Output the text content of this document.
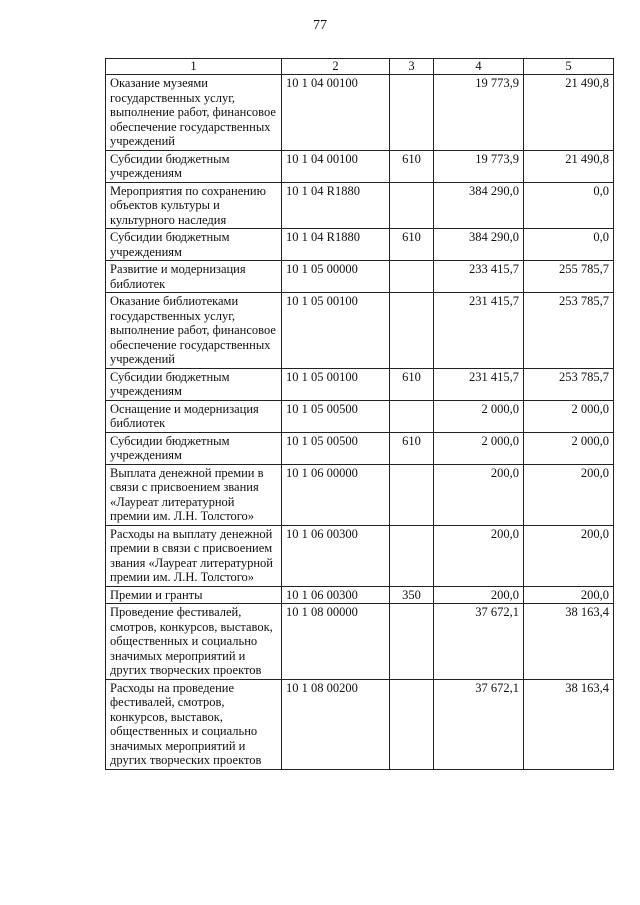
77
1	2	3	4	5
Оказание музеями государственных услуг, выполнение работ, финансовое обеспечение государственных учреждений	10 1 04 00100		19 773,9	21 490,8
Субсидии бюджетным учреждениям	10 1 04 00100	610	19 773,9	21 490,8
Мероприятия по сохранению объектов культуры и культурного наследия	10 1 04 R1880		384 290,0	0,0
Субсидии бюджетным учреждениям	10 1 04 R1880	610	384 290,0	0,0
Развитие и модернизация библиотек	10 1 05 00000		233 415,7	255 785,7
Оказание библиотеками государственных услуг, выполнение работ, финансовое обеспечение государственных учреждений	10 1 05 00100		231 415,7	253 785,7
Субсидии бюджетным учреждениям	10 1 05 00100	610	231 415,7	253 785,7
Оснащение и модернизация библиотек	10 1 05 00500		2 000,0	2 000,0
Субсидии бюджетным учреждениям	10 1 05 00500	610	2 000,0	2 000,0
Выплата денежной премии в связи с присвоением звания «Лауреат литературной премии им. Л.Н. Толстого»	10 1 06 00000		200,0	200,0
Расходы на выплату денежной премии в связи с присвоением звания «Лауреат литературной премии им. Л.Н. Толстого»	10 1 06 00300		200,0	200,0
Премии и гранты	10 1 06 00300	350	200,0	200,0
Проведение фестивалей, смотров, конкурсов, выставок, общественных и социально значимых мероприятий и других творческих проектов	10 1 08 00000		37 672,1	38 163,4
Расходы на проведение фестивалей, смотров, конкурсов, выставок, общественных и социально значимых мероприятий и других творческих проектов	10 1 08 00200		37 672,1	38 163,4
